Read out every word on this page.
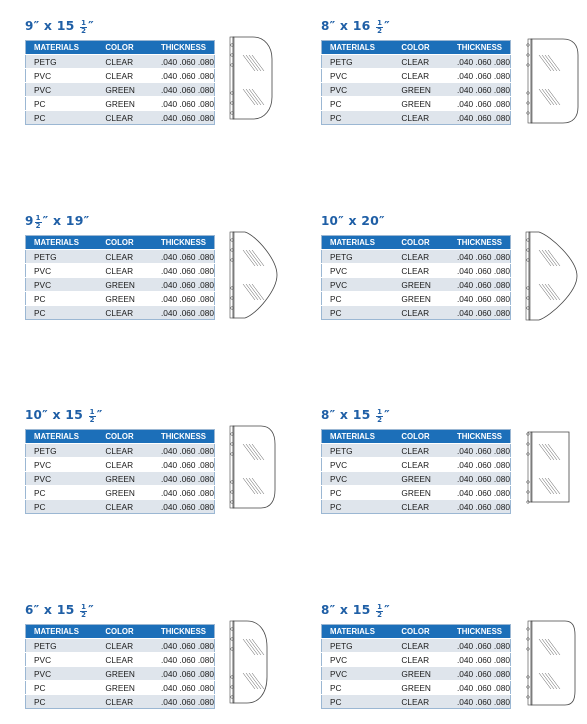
9″ x $15 \frac{1}{2}$ ″
MATERIALS	COLOR	THICKNESS
PETG	CLEAR	.040 .060 .080
PVC	CLEAR	.040 .060 .080
PVC	GREEN	.040 .060 .080
PC	GREEN	.040 .060 .080
PC	CLEAR	.040 .060 .080
8″ x $16 \frac{1}{2}$ ″
MATERIALS	COLOR	THICKNESS
PETG	CLEAR	.040 .060 .080
PVC	CLEAR	.040 .060 .080
PVC	GREEN	.040 .060 .080
PC	GREEN	.040 .060 .080
PC	CLEAR	.040 .060 .080
$9 \frac{1}{2}$ ″ x 19″
MATERIALS	COLOR	THICKNESS
PETG	CLEAR	.040 .060 .080
PVC	CLEAR	.040 .060 .080
PVC	GREEN	.040 .060 .080
PC	GREEN	.040 .060 .080
PC	CLEAR	.040 .060 .080
10″ x 20″
MATERIALS	COLOR	THICKNESS
PETG	CLEAR	.040 .060 .080
PVC	CLEAR	.040 .060 .080
PVC	GREEN	.040 .060 .080
PC	GREEN	.040 .060 .080
PC	CLEAR	.040 .060 .080
10″ x $15 \frac{1}{2}$ ″
MATERIALS	COLOR	THICKNESS
PETG	CLEAR	.040 .060 .080
PVC	CLEAR	.040 .060 .080
PVC	GREEN	.040 .060 .080
PC	GREEN	.040 .060 .080
PC	CLEAR	.040 .060 .080
8″ x $15 \frac{1}{2}$ ″
MATERIALS	COLOR	THICKNESS
PETG	CLEAR	.040 .060 .080
PVC	CLEAR	.040 .060 .080
PVC	GREEN	.040 .060 .080
PC	GREEN	.040 .060 .080
PC	CLEAR	.040 .060 .080
6″ x $15 \frac{1}{2}$ ″
MATERIALS	COLOR	THICKNESS
PETG	CLEAR	.040 .060 .080
PVC	CLEAR	.040 .060 .080
PVC	GREEN	.040 .060 .080
PC	GREEN	.040 .060 .080
PC	CLEAR	.040 .060 .080
8″ x $15 \frac{1}{2}$ ″
MATERIALS	COLOR	THICKNESS
PETG	CLEAR	.040 .060 .080
PVC	CLEAR	.040 .060 .080
PVC	GREEN	.040 .060 .080
PC	GREEN	.040 .060 .080
PC	CLEAR	.040 .060 .080
